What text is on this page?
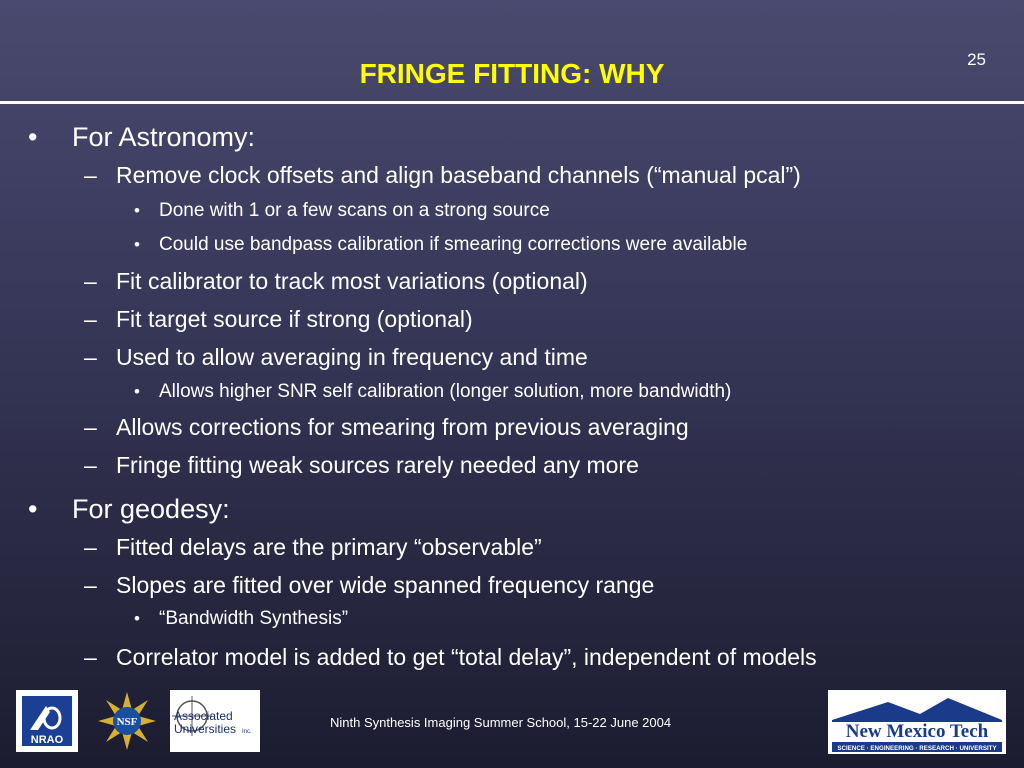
25
FRINGE FITTING: WHY
•	For Astronomy:
– Remove clock offsets and align baseband channels (“manual pcal”)
•	Done with 1 or a few scans on a strong source
•	Could use bandpass calibration if smearing corrections were available
– Fit calibrator to track most variations (optional)
– Fit target source if strong (optional)
– Used to allow averaging in frequency and time
•	Allows higher SNR self calibration (longer solution, more bandwidth)
– Allows corrections for smearing from previous averaging
– Fringe fitting weak sources rarely needed any more
•	For geodesy:
– Fitted delays are the primary “observable”
– Slopes are fitted over wide spanned frequency range
•	“Bandwidth Synthesis”
– Correlator model is added to get “total delay”, independent of models
NRAO
NSF	Associated
Universities Inc.
Ninth Synthesis Imaging Summer School, 15-22 June 2004	New Mexico Tech
SCIENCE · ENGINEERING · RESEARCH · UNIVERSITY
